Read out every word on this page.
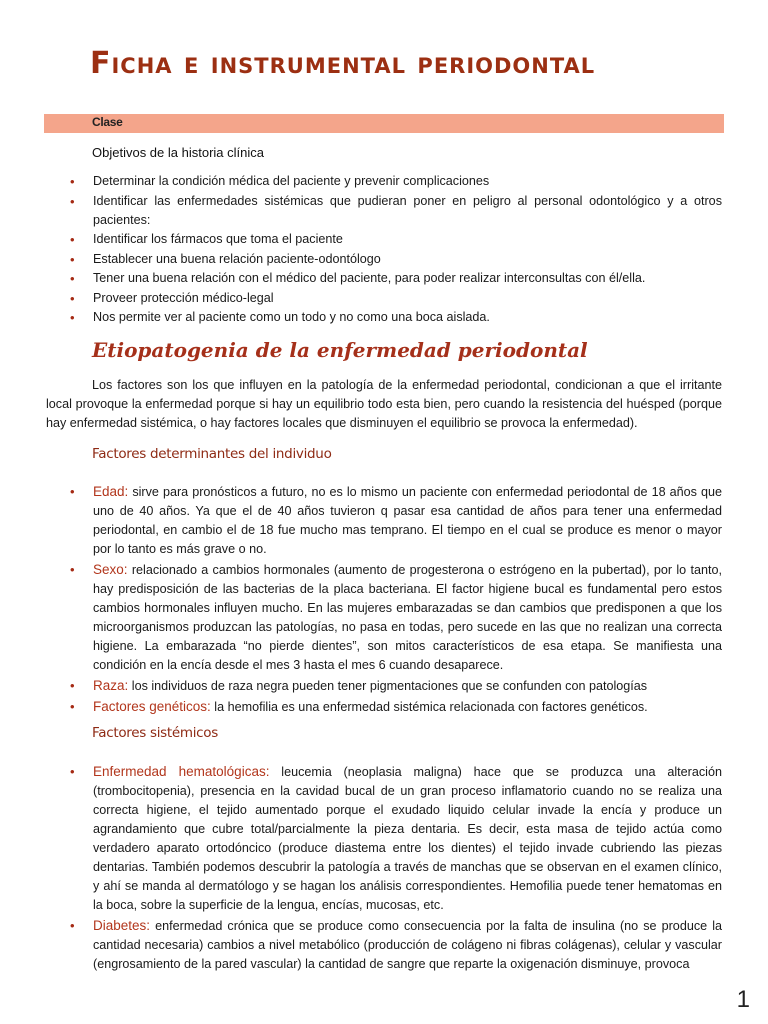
Ficha e instrumental periodontal
Clase
Objetivos de la historia clínica
• Determinar la condición médica del paciente y prevenir complicaciones
• Identificar las enfermedades sistémicas que pudieran poner en peligro al personal odontológico y a otros pacientes:
• Identificar los fármacos que toma el paciente
• Establecer una buena relación paciente-odontólogo
• Tener una buena relación con el médico del paciente, para poder realizar interconsultas con él/ella.
• Proveer protección médico-legal
• Nos permite ver al paciente como un todo y no como una boca aislada.
Etiopatogenia de la enfermedad periodontal

Los factores son los que influyen en la patología de la enfermedad periodontal, condicionan a que el irritante local provoque la enfermedad porque si hay un equilibrio todo esta bien, pero cuando la resistencia del huésped (porque hay enfermedad sistémica, o hay factores locales que disminuyen el equilibrio se provoca la enfermedad).

Factores determinantes del individuo
• Edad: sirve para pronósticos a futuro, no es lo mismo un paciente con enfermedad periodontal de 18 años que uno de 40 años. Ya que el de 40 años tuvieron q pasar esa cantidad de años para tener una enfermedad periodontal, en cambio el de 18 fue mucho mas temprano. El tiempo en el cual se produce es menor o mayor por lo tanto es más grave o no.
• Sexo: relacionado a cambios hormonales (aumento de progesterona o estrógeno en la pubertad), por lo tanto, hay predisposición de las bacterias de la placa bacteriana. El factor higiene bucal es fundamental pero estos cambios hormonales influyen mucho. En las mujeres embarazadas se dan cambios que predisponen a que los microorganismos produzcan las patologías, no pasa en todas, pero sucede en las que no realizan una correcta higiene. La embarazada “no pierde dientes”, son mitos característicos de esa etapa. Se manifiesta una condición en la encía desde el mes 3 hasta el mes 6 cuando desaparece.
• Raza: los individuos de raza negra pueden tener pigmentaciones que se confunden con patologías
• Factores genéticos: la hemofilia es una enfermedad sistémica relacionada con factores genéticos.
Factores sistémicos
• Enfermedad hematológicas: leucemia (neoplasia maligna) hace que se produzca una alteración (trombocitopenia), presencia en la cavidad bucal de un gran proceso inflamatorio cuando no se realiza una correcta higiene, el tejido aumentado porque el exudado liquido celular invade la encía y produce un agrandamiento que cubre total/parcialmente la pieza dentaria. Es decir, esta masa de tejido actúa como verdadero aparato ortodóncico (produce diastema entre los dientes) el tejido invade cubriendo las piezas dentarias. También podemos descubrir la patología a través de manchas que se observan en el examen clínico, y ahí se manda al dermatólogo y se hagan los análisis correspondientes. Hemofilia puede tener hematomas en la boca, sobre la superficie de la lengua, encías, mucosas, etc.
• Diabetes: enfermedad crónica que se produce como consecuencia por la falta de insulina (no se produce la cantidad necesaria) cambios a nivel metabólico (producción de colágeno ni fibras colágenas), celular y vascular (engrosamiento de la pared vascular) la cantidad de sangre que reparte la oxigenación disminuye, provoca
1
